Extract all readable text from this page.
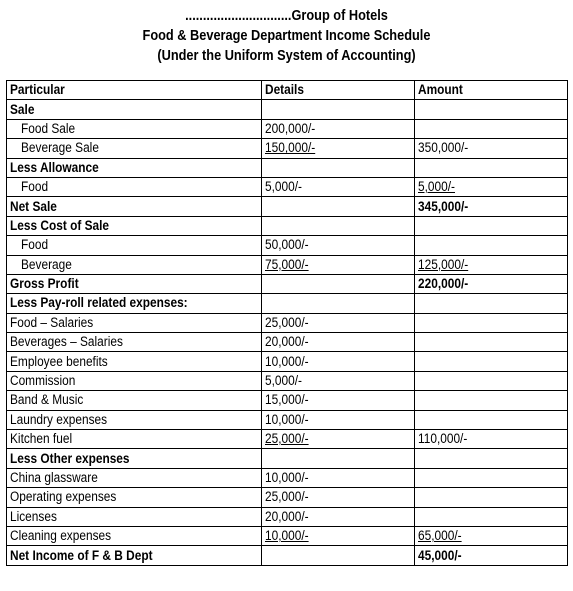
..............................Group of Hotels
Food & Beverage Department Income Schedule
(Under the Uniform System of Accounting)
Particular	Details	Amount
Sale		
Food Sale	200,000/-	
Beverage Sale	150,000/-	350,000/-
Less Allowance		
Food	5,000/-	5,000/-
Net Sale		345,000/-
Less Cost of Sale		
Food	50,000/-	
Beverage	75,000/-	125,000/-
Gross Profit		220,000/-
Less Pay-roll related expenses:		
Food – Salaries	25,000/-	
Beverages – Salaries	20,000/-	
Employee benefits	10,000/-	
Commission	5,000/-	
Band & Music	15,000/-	
Laundry expenses	10,000/-	
Kitchen fuel	25,000/-	110,000/-
Less Other expenses		
China glassware	10,000/-	
Operating expenses	25,000/-	
Licenses	20,000/-	
Cleaning expenses	10,000/-	65,000/-
Net Income of F & B Dept		45,000/-
